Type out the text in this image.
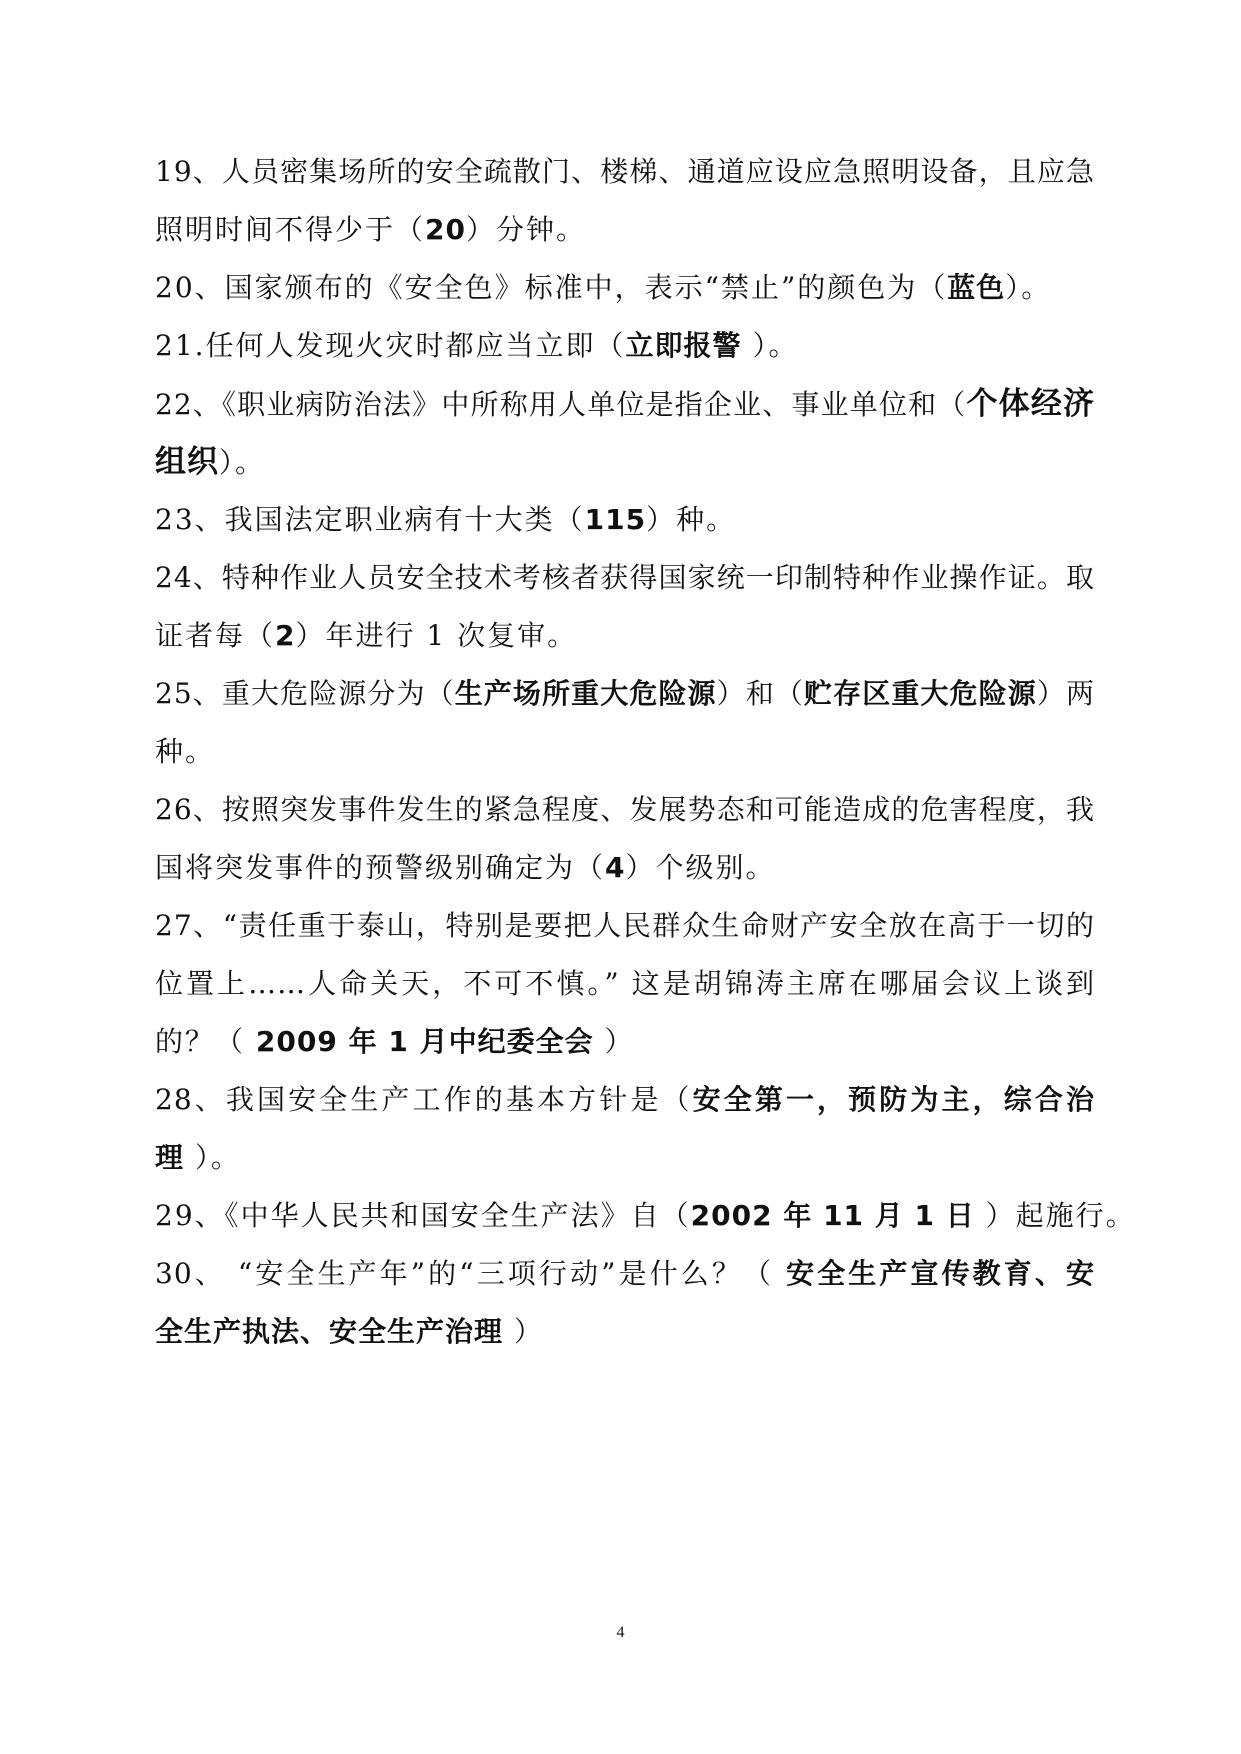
19、人员密集场所的安全疏散门、楼梯、通道应设应急照明设备，且应急
照明时间不得少于（20）分钟。
20、国家颁布的《安全色》标准中，表示“禁止”的颜色为（蓝色）。
21.任何人发现火灾时都应当立即（立即报警 ）。
22、《职业病防治法》中所称用人单位是指企业、事业单位和（个体经济
组织）。
23、我国法定职业病有十大类（115）种。
24、特种作业人员安全技术考核者获得国家统一印制特种作业操作证。取
证者每（2）年进行 1 次复审。
25、重大危险源分为（生产场所重大危险源）和（贮存区重大危险源）两
种。
26、按照突发事件发生的紧急程度、发展势态和可能造成的危害程度，我
国将突发事件的预警级别确定为（4）个级别。
27、“责任重于泰山，特别是要把人民群众生命财产安全放在高于一切的
位置上……人命关天，不可不慎。” 这是胡锦涛主席在哪届会议上谈到
的？（ 2009 年 1 月中纪委全会 ）
28、我国安全生产工作的基本方针是（安全第一，预防为主，综合治
理 ）。
29、《中华人民共和国安全生产法》自（2002 年 11 月 1 日 ）起施行。
30、 “安全生产年”的“三项行动”是什么？（ 安全生产宣传教育、安
全生产执法、安全生产治理 ）
4
